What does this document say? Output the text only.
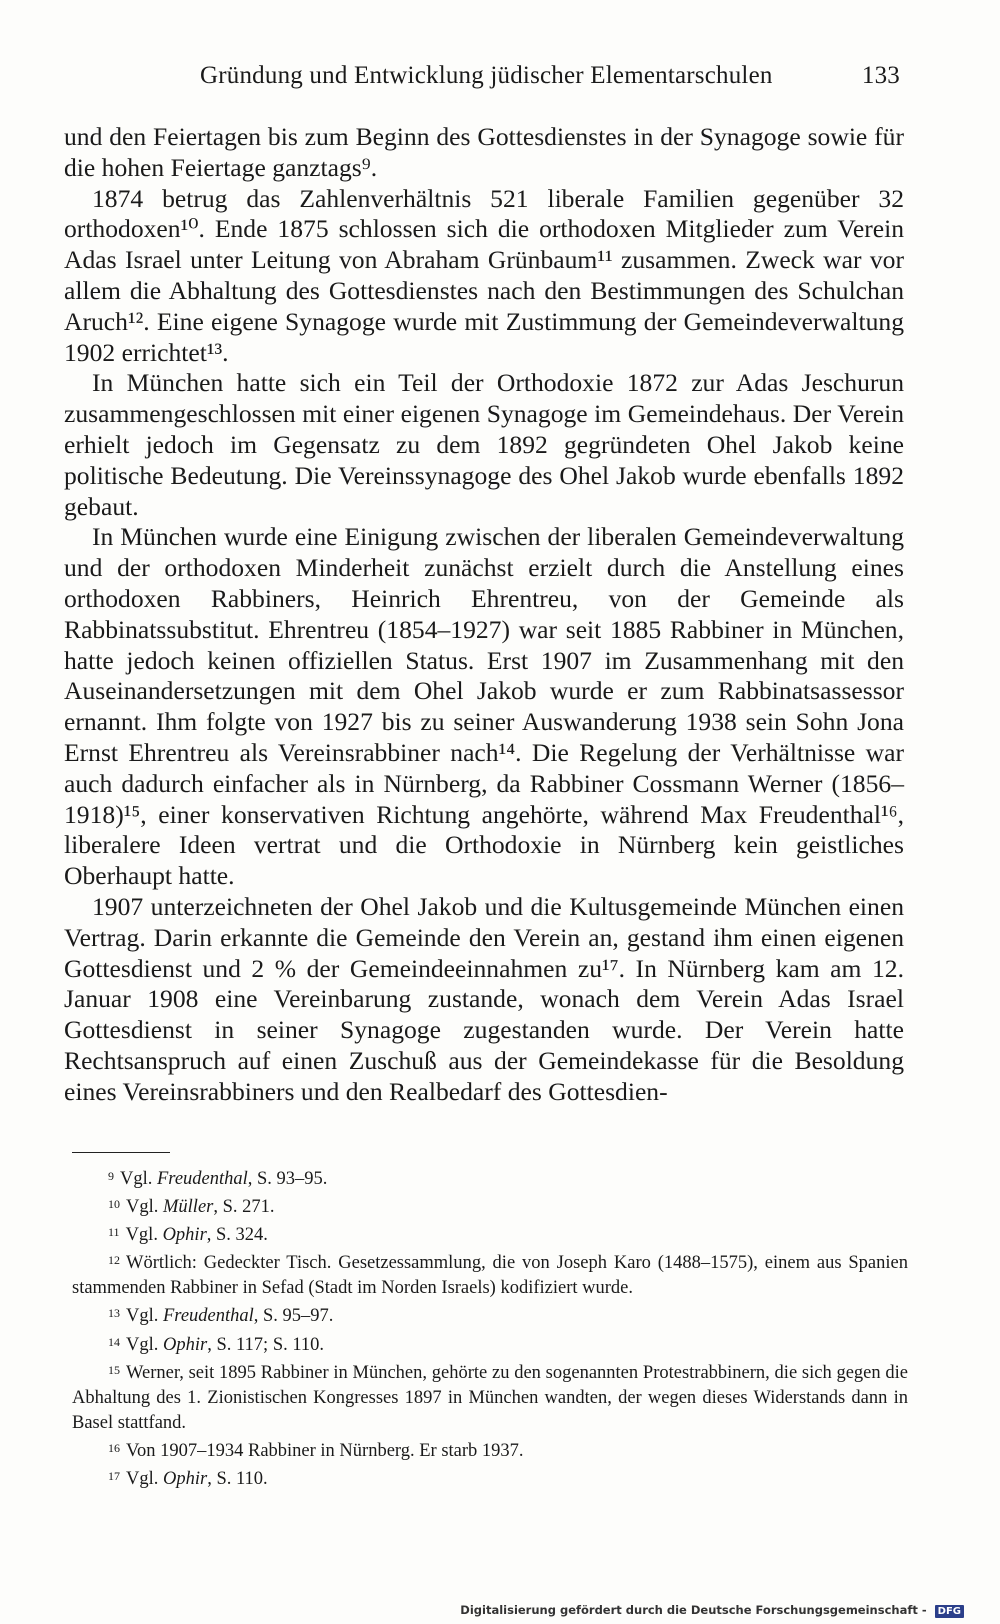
Gründung und Entwicklung jüdischer Elementarschulen	133

und den Feiertagen bis zum Beginn des Gottesdienstes in der Synagoge sowie für die hohen Feiertage ganztags⁹.

1874 betrug das Zahlenverhältnis 521 liberale Familien gegenüber 32 orthodoxen¹⁰. Ende 1875 schlossen sich die orthodoxen Mitglieder zum Verein Adas Israel unter Leitung von Abraham Grünbaum¹¹ zusammen. Zweck war vor allem die Abhaltung des Gottesdienstes nach den Bestimmungen des Schulchan Aruch¹². Eine eigene Synagoge wurde mit Zustimmung der Gemeindeverwaltung 1902 errichtet¹³.

In München hatte sich ein Teil der Orthodoxie 1872 zur Adas Jeschurun zusammengeschlossen mit einer eigenen Synagoge im Gemeindehaus. Der Verein erhielt jedoch im Gegensatz zu dem 1892 gegründeten Ohel Jakob keine politische Bedeutung. Die Vereinssynagoge des Ohel Jakob wurde ebenfalls 1892 gebaut.

In München wurde eine Einigung zwischen der liberalen Gemeindeverwaltung und der orthodoxen Minderheit zunächst erzielt durch die Anstellung eines orthodoxen Rabbiners, Heinrich Ehrentreu, von der Gemeinde als Rabbinatssubstitut. Ehrentreu (1854–1927) war seit 1885 Rabbiner in München, hatte jedoch keinen offiziellen Status. Erst 1907 im Zusammenhang mit den Auseinandersetzungen mit dem Ohel Jakob wurde er zum Rabbinatsassessor ernannt. Ihm folgte von 1927 bis zu seiner Auswanderung 1938 sein Sohn Jona Ernst Ehrentreu als Vereinsrabbiner nach¹⁴. Die Regelung der Verhältnisse war auch dadurch einfacher als in Nürnberg, da Rabbiner Cossmann Werner (1856–1918)¹⁵, einer konservativen Richtung angehörte, während Max Freudenthal¹⁶, liberalere Ideen vertrat und die Orthodoxie in Nürnberg kein geistliches Oberhaupt hatte.

1907 unterzeichneten der Ohel Jakob und die Kultusgemeinde München einen Vertrag. Darin erkannte die Gemeinde den Verein an, gestand ihm einen eigenen Gottesdienst und 2 % der Gemeindeeinnahmen zu¹⁷. In Nürnberg kam am 12. Januar 1908 eine Vereinbarung zustande, wonach dem Verein Adas Israel Gottesdienst in seiner Synagoge zugestanden wurde. Der Verein hatte Rechtsanspruch auf einen Zuschuß aus der Gemeindekasse für die Besoldung eines Vereinsrabbiners und den Realbedarf des Gottesdien-

9 Vgl. Freudenthal, S. 93–95.

10 Vgl. Müller, S. 271.

11 Vgl. Ophir, S. 324.

12 Wörtlich: Gedeckter Tisch. Gesetzessammlung, die von Joseph Karo (1488–1575), einem aus Spanien stammenden Rabbiner in Sefad (Stadt im Norden Israels) kodifiziert wurde.

13 Vgl. Freudenthal, S. 95–97.

14 Vgl. Ophir, S. 117; S. 110.

15 Werner, seit 1895 Rabbiner in München, gehörte zu den sogenannten Protestrabbinern, die sich gegen die Abhaltung des 1. Zionistischen Kongresses 1897 in München wandten, der wegen dieses Widerstands dann in Basel stattfand.

16 Von 1907–1934 Rabbiner in Nürnberg. Er starb 1937.

17 Vgl. Ophir, S. 110.

Digitalisierung gefördert durch die Deutsche Forschungsgemeinschaft - DFG
